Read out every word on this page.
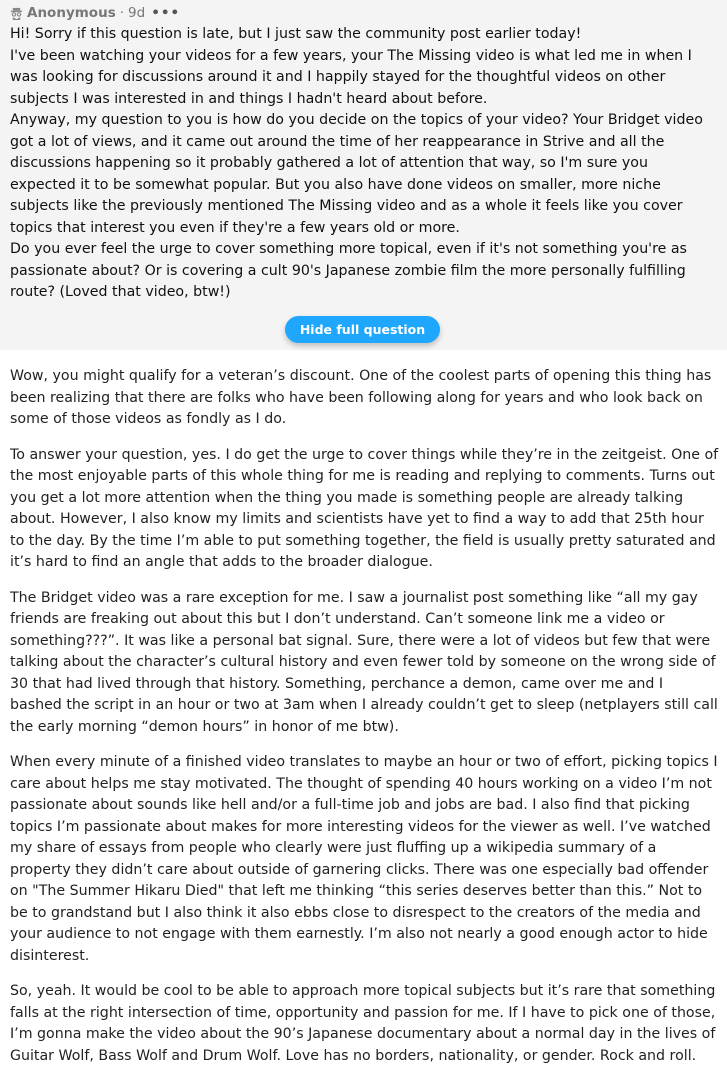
Anonymous · 9d •••

Hi! Sorry if this question is late, but I just saw the community post earlier today!

I've been watching your videos for a few years, your The Missing video is what led me in when I was looking for discussions around it and I happily stayed for the thoughtful videos on other subjects I was interested in and things I hadn't heard about before.

Anyway, my question to you is how do you decide on the topics of your video? Your Bridget video got a lot of views, and it came out around the time of her reappearance in Strive and all the discussions happening so it probably gathered a lot of attention that way, so I'm sure you expected it to be somewhat popular. But you also have done videos on smaller, more niche subjects like the previously mentioned The Missing video and as a whole it feels like you cover topics that interest you even if they're a few years old or more.

Do you ever feel the urge to cover something more topical, even if it's not something you're as passionate about? Or is covering a cult 90's Japanese zombie film the more personally fulfilling route? (Loved that video, btw!)

Hide full question

Wow, you might qualify for a veteran’s discount. One of the coolest parts of opening this thing has been realizing that there are folks who have been following along for years and who look back on some of those videos as fondly as I do.

To answer your question, yes. I do get the urge to cover things while they’re in the zeitgeist. One of the most enjoyable parts of this whole thing for me is reading and replying to comments. Turns out you get a lot more attention when the thing you made is something people are already talking about. However, I also know my limits and scientists have yet to find a way to add that 25th hour to the day. By the time I’m able to put something together, the field is usually pretty saturated and it’s hard to find an angle that adds to the broader dialogue.

The Bridget video was a rare exception for me. I saw a journalist post something like “all my gay friends are freaking out about this but I don’t understand. Can’t someone link me a video or something???”. It was like a personal bat signal. Sure, there were a lot of videos but few that were talking about the character’s cultural history and even fewer told by someone on the wrong side of 30 that had lived through that history. Something, perchance a demon, came over me and I bashed the script in an hour or two at 3am when I already couldn’t get to sleep (netplayers still call the early morning “demon hours” in honor of me btw).

When every minute of a finished video translates to maybe an hour or two of effort, picking topics I care about helps me stay motivated. The thought of spending 40 hours working on a video I’m not passionate about sounds like hell and/or a full-time job and jobs are bad. I also find that picking topics I’m passionate about makes for more interesting videos for the viewer as well. I’ve watched my share of essays from people who clearly were just fluffing up a wikipedia summary of a property they didn’t care about outside of garnering clicks. There was one especially bad offender on "The Summer Hikaru Died" that left me thinking “this series deserves better than this.” Not to be to grandstand but I also think it also ebbs close to disrespect to the creators of the media and your audience to not engage with them earnestly. I’m also not nearly a good enough actor to hide disinterest.

So, yeah. It would be cool to be able to approach more topical subjects but it’s rare that something falls at the right intersection of time, opportunity and passion for me. If I have to pick one of those, I’m gonna make the video about the 90’s Japanese documentary about a normal day in the lives of Guitar Wolf, Bass Wolf and Drum Wolf. Love has no borders, nationality, or gender. Rock and roll.
